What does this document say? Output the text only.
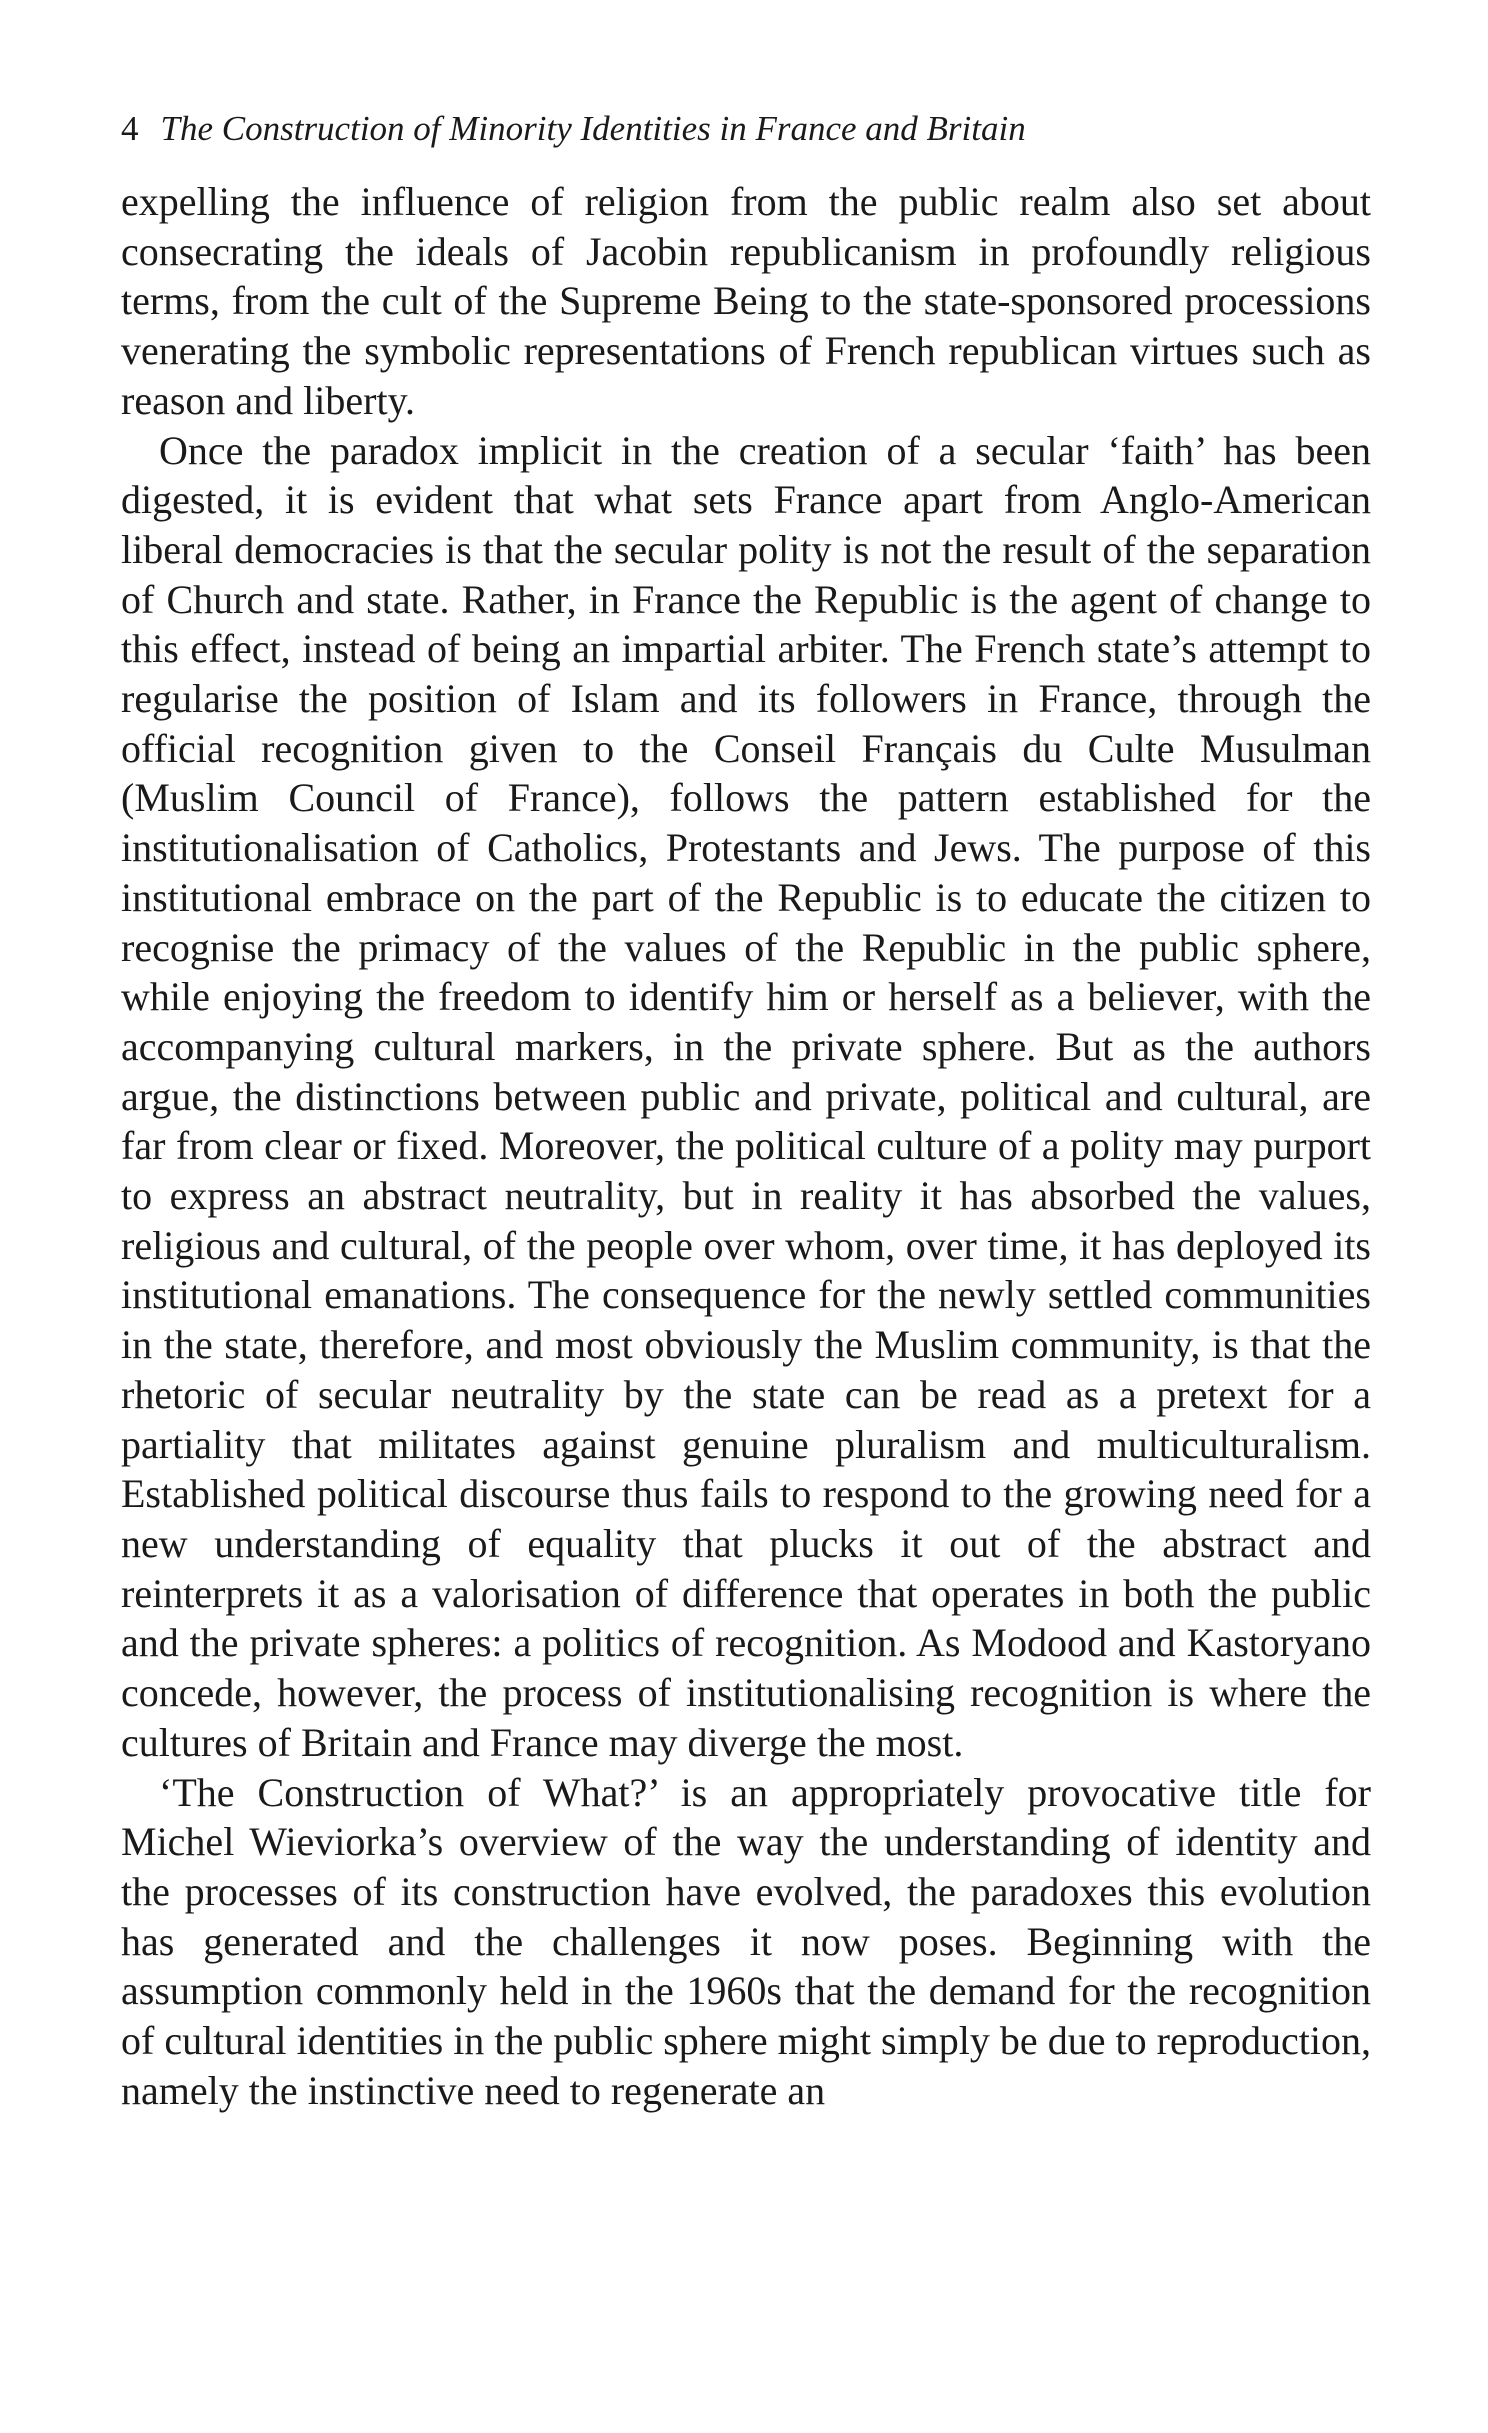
4 The Construction of Minority Identities in France and Britain

expelling the influence of religion from the public realm also set about consecrating the ideals of Jacobin republicanism in profoundly religious terms, from the cult of the Supreme Being to the state-sponsored processions venerating the symbolic representations of French republican virtues such as reason and liberty.

Once the paradox implicit in the creation of a secular ‘faith’ has been digested, it is evident that what sets France apart from Anglo-American liberal democracies is that the secular polity is not the result of the separation of Church and state. Rather, in France the Republic is the agent of change to this effect, instead of being an impartial arbiter. The French state’s attempt to regularise the position of Islam and its followers in France, through the official recognition given to the Conseil Français du Culte Musulman (Muslim Council of France), follows the pattern established for the institutionalisation of Catholics, Protestants and Jews. The purpose of this institutional embrace on the part of the Republic is to educate the citizen to recognise the primacy of the values of the Republic in the public sphere, while enjoying the freedom to identify him or herself as a believer, with the accompanying cultural markers, in the private sphere. But as the authors argue, the distinctions between public and private, political and cultural, are far from clear or fixed. Moreover, the political culture of a polity may purport to express an abstract neutrality, but in reality it has absorbed the values, religious and cultural, of the people over whom, over time, it has deployed its institutional emanations. The consequence for the newly settled communities in the state, therefore, and most obviously the Muslim community, is that the rhetoric of secular neutrality by the state can be read as a pretext for a partiality that militates against genuine pluralism and multiculturalism. Established political discourse thus fails to respond to the growing need for a new understanding of equality that plucks it out of the abstract and reinterprets it as a valorisation of difference that operates in both the public and the private spheres: a politics of recognition. As Modood and Kastoryano concede, however, the process of institutionalising recognition is where the cultures of Britain and France may diverge the most.

‘The Construction of What?’ is an appropriately provocative title for Michel Wieviorka’s overview of the way the understanding of identity and the processes of its construction have evolved, the paradoxes this evolution has generated and the challenges it now poses. Beginning with the assumption commonly held in the 1960s that the demand for the recognition of cultural identities in the public sphere might simply be due to reproduction, namely the instinctive need to regenerate an
